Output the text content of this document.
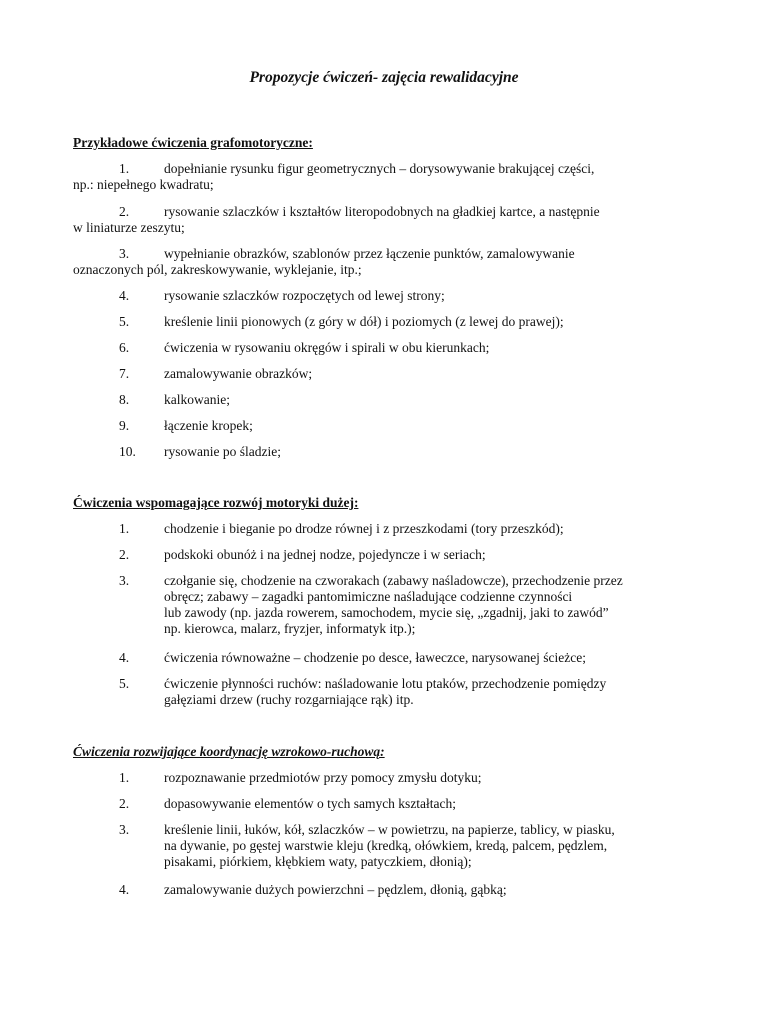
Propozycje ćwiczeń- zajęcia rewalidacyjne
Przykładowe ćwiczenia grafomotoryczne:
1.	dopełnianie rysunku figur geometrycznych – dorysowywanie brakującej części,
np.: niepełnego kwadratu;
2.	rysowanie szlaczków i kształtów literopodobnych na gładkiej kartce, a następnie
w liniaturze zeszytu;
3.	wypełnianie obrazków, szablonów przez łączenie punktów, zamalowywanie
oznaczonych pól, zakreskowywanie, wyklejanie, itp.;
4.	rysowanie szlaczków rozpoczętych od lewej strony;
5.	kreślenie linii pionowych (z góry w dół) i poziomych (z lewej do prawej);
6.	ćwiczenia w rysowaniu okręgów i spirali w obu kierunkach;
7.	zamalowywanie obrazków;
8.	kalkowanie;
9.	łączenie kropek;
10. rysowanie po śladzie;
Ćwiczenia wspomagające rozwój motoryki dużej:
1.	chodzenie i bieganie po drodze równej i z przeszkodami (tory przeszkód);
2.	podskoki obunóż i na jednej nodze, pojedyncze i w seriach;
3.	czołganie się, chodzenie na czworakach (zabawy naśladowcze), przechodzenie przez
obręcz; zabawy – zagadki pantomimiczne naśladujące codzienne czynności
lub zawody (np. jazda rowerem, samochodem, mycie się, „zgadnij, jaki to zawód”
np. kierowca, malarz, fryzjer, informatyk itp.);
4.	ćwiczenia równoważne – chodzenie po desce, ławeczce, narysowanej ścieżce;
5.	ćwiczenie płynności ruchów: naśladowanie lotu ptaków, przechodzenie pomiędzy
gałęziami drzew (ruchy rozgarniające rąk) itp.
Ćwiczenia rozwijające koordynację wzrokowo-ruchową:
1.	rozpoznawanie przedmiotów przy pomocy zmysłu dotyku;
2.	dopasowywanie elementów o tych samych kształtach;
3.	kreślenie linii, łuków, kół, szlaczków – w powietrzu, na papierze, tablicy, w piasku,
na dywanie, po gęstej warstwie kleju (kredką, ołówkiem, kredą, palcem, pędzlem,
pisakami, piórkiem, kłębkiem waty, patyczkiem, dłonią);
4.	zamalowywanie dużych powierzchni – pędzlem, dłonią, gąbką;
